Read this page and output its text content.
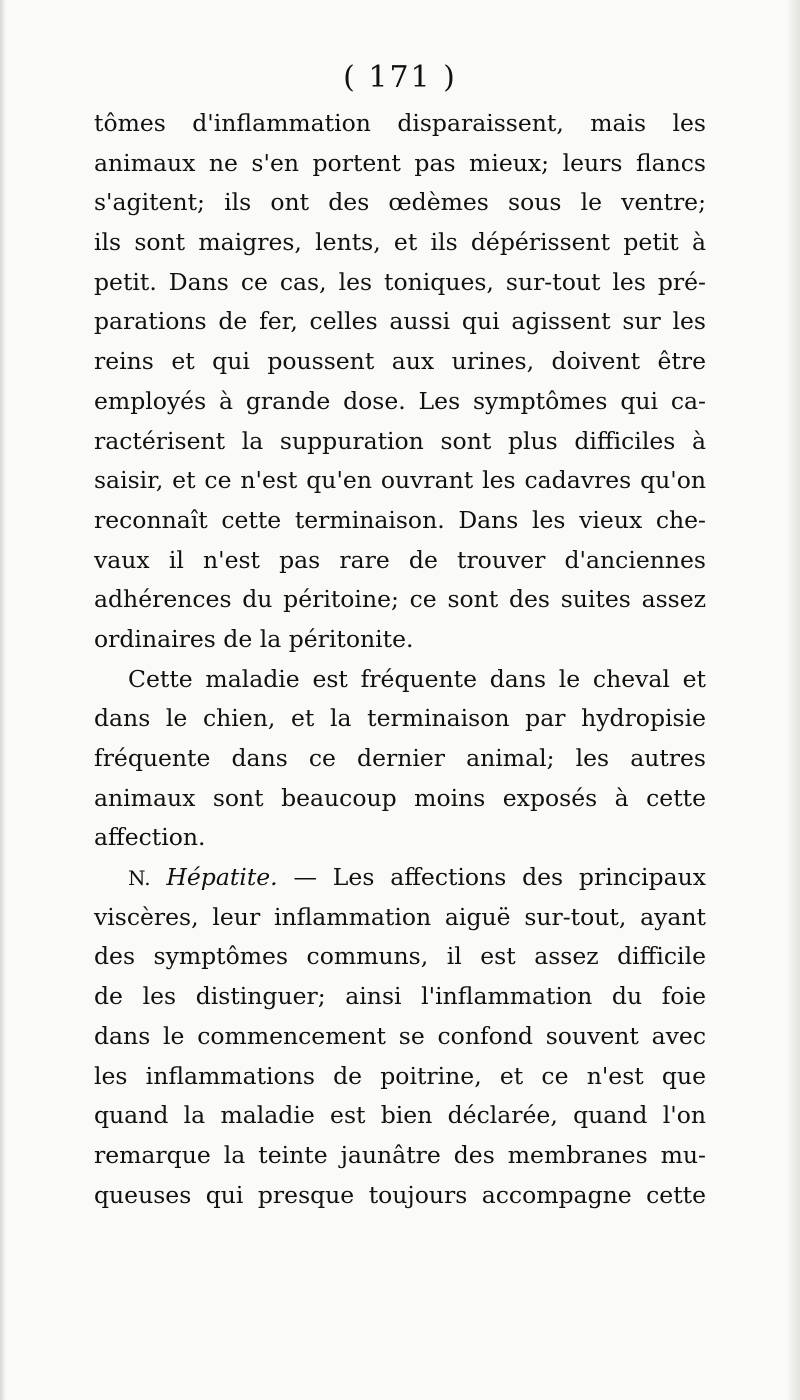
( 171 )
tômes d'inflammation disparaissent, mais les
animaux ne s'en portent pas mieux; leurs flancs
s'agitent; ils ont des œdèmes sous le ventre;
ils sont maigres, lents, et ils dépérissent petit à
petit. Dans ce cas, les toniques, sur-tout les pré-
parations de fer, celles aussi qui agissent sur les
reins et qui poussent aux urines, doivent être
employés à grande dose. Les symptômes qui ca-
ractérisent la suppuration sont plus difficiles à
saisir, et ce n'est qu'en ouvrant les cadavres qu'on
reconnaît cette terminaison. Dans les vieux che-
vaux il n'est pas rare de trouver d'anciennes
adhérences du péritoine; ce sont des suites assez
ordinaires de la péritonite.
Cette maladie est fréquente dans le cheval et
dans le chien, et la terminaison par hydropisie
fréquente dans ce dernier animal; les autres
animaux sont beaucoup moins exposés à cette
affection.
N. Hépatite. — Les affections des principaux
viscères, leur inflammation aiguë sur-tout, ayant
des symptômes communs, il est assez difficile
de les distinguer; ainsi l'inflammation du foie
dans le commencement se confond souvent avec
les inflammations de poitrine, et ce n'est que
quand la maladie est bien déclarée, quand l'on
remarque la teinte jaunâtre des membranes mu-
queuses qui presque toujours accompagne cette
